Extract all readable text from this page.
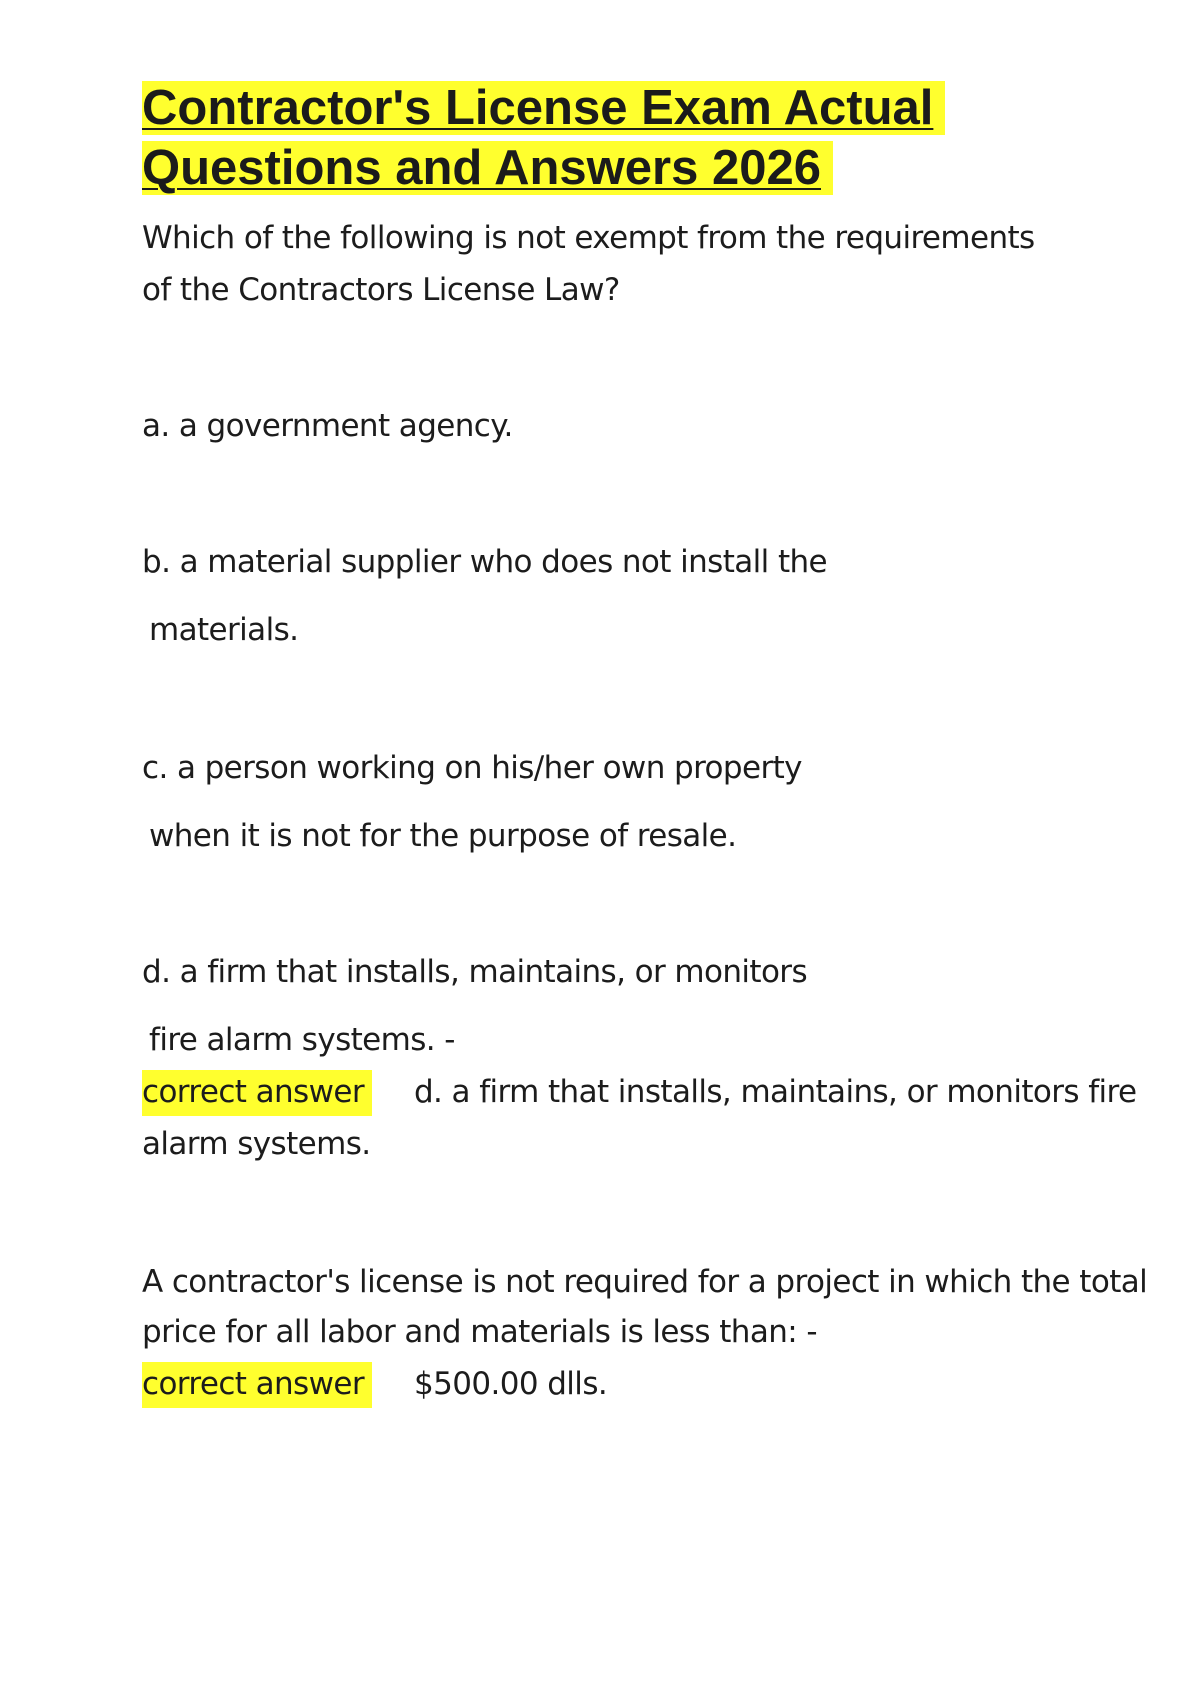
Contractor's License Exam Actual
Questions and Answers 2026

Which of the following is not exempt from the requirements of the Contractors License Law?

a. a government agency.

b. a material supplier who does not install the

materials.

c. a person working on his/her own property

when it is not for the purpose of resale.

d. a firm that installs, maintains, or monitors

fire alarm systems. -

correct answer d. a firm that installs, maintains, or monitors fire

alarm systems.

A contractor's license is not required for a project in which the total

price for all labor and materials is less than: -

correct answer $500.00 dlls.
